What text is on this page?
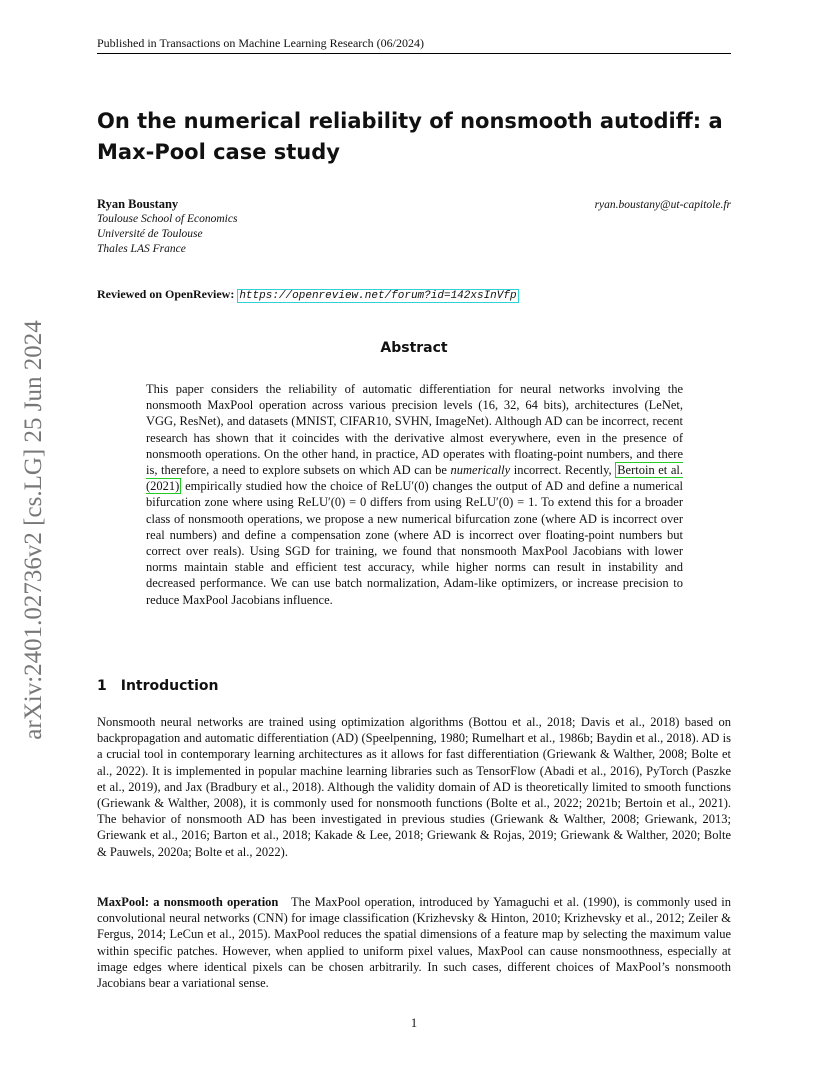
Published in Transactions on Machine Learning Research (06/2024)
arXiv:2401.02736v2 [cs.LG] 25 Jun 2024
On the numerical reliability of nonsmooth autodiff: a Max-Pool case study
Ryan Boustany
Toulouse School of Economics
Université de Toulouse
Thales LAS France
ryan.boustany@ut-capitole.fr
Reviewed on OpenReview: https://openreview.net/forum?id=142xsInVfp
Abstract
This paper considers the reliability of automatic differentiation for neural networks involving the nonsmooth MaxPool operation across various precision levels (16, 32, 64 bits), architectures (LeNet, VGG, ResNet), and datasets (MNIST, CIFAR10, SVHN, ImageNet). Although AD can be incorrect, recent research has shown that it coincides with the derivative almost everywhere, even in the presence of nonsmooth operations. On the other hand, in practice, AD operates with floating-point numbers, and there is, therefore, a need to explore subsets on which AD can be numerically incorrect. Recently, Bertoin et al. (2021) empirically studied how the choice of ReLU′(0) changes the output of AD and define a numerical bifurcation zone where using ReLU′(0) = 0 differs from using ReLU′(0) = 1. To extend this for a broader class of nonsmooth operations, we propose a new numerical bifurcation zone (where AD is incorrect over real numbers) and define a compensation zone (where AD is incorrect over floating-point numbers but correct over reals). Using SGD for training, we found that nonsmooth MaxPool Jacobians with lower norms maintain stable and efficient test accuracy, while higher norms can result in instability and decreased performance. We can use batch normalization, Adam-like optimizers, or increase precision to reduce MaxPool Jacobians influence.
1 Introduction
Nonsmooth neural networks are trained using optimization algorithms (Bottou et al., 2018; Davis et al., 2018) based on backpropagation and automatic differentiation (AD) (Speelpenning, 1980; Rumelhart et al., 1986b; Baydin et al., 2018). AD is a crucial tool in contemporary learning architectures as it allows for fast differentiation (Griewank & Walther, 2008; Bolte et al., 2022). It is implemented in popular machine learning libraries such as TensorFlow (Abadi et al., 2016), PyTorch (Paszke et al., 2019), and Jax (Bradbury et al., 2018). Although the validity domain of AD is theoretically limited to smooth functions (Griewank & Walther, 2008), it is commonly used for nonsmooth functions (Bolte et al., 2022; 2021b; Bertoin et al., 2021). The behavior of nonsmooth AD has been investigated in previous studies (Griewank & Walther, 2008; Griewank, 2013; Griewank et al., 2016; Barton et al., 2018; Kakade & Lee, 2018; Griewank & Rojas, 2019; Griewank & Walther, 2020; Bolte & Pauwels, 2020a; Bolte et al., 2022).
MaxPool: a nonsmooth operation The MaxPool operation, introduced by Yamaguchi et al. (1990), is commonly used in convolutional neural networks (CNN) for image classification (Krizhevsky & Hinton, 2010; Krizhevsky et al., 2012; Zeiler & Fergus, 2014; LeCun et al., 2015). MaxPool reduces the spatial dimensions of a feature map by selecting the maximum value within specific patches. However, when applied to uniform pixel values, MaxPool can cause nonsmoothness, especially at image edges where identical pixels can be chosen arbitrarily. In such cases, different choices of MaxPool’s nonsmooth Jacobians bear a variational sense.
1
